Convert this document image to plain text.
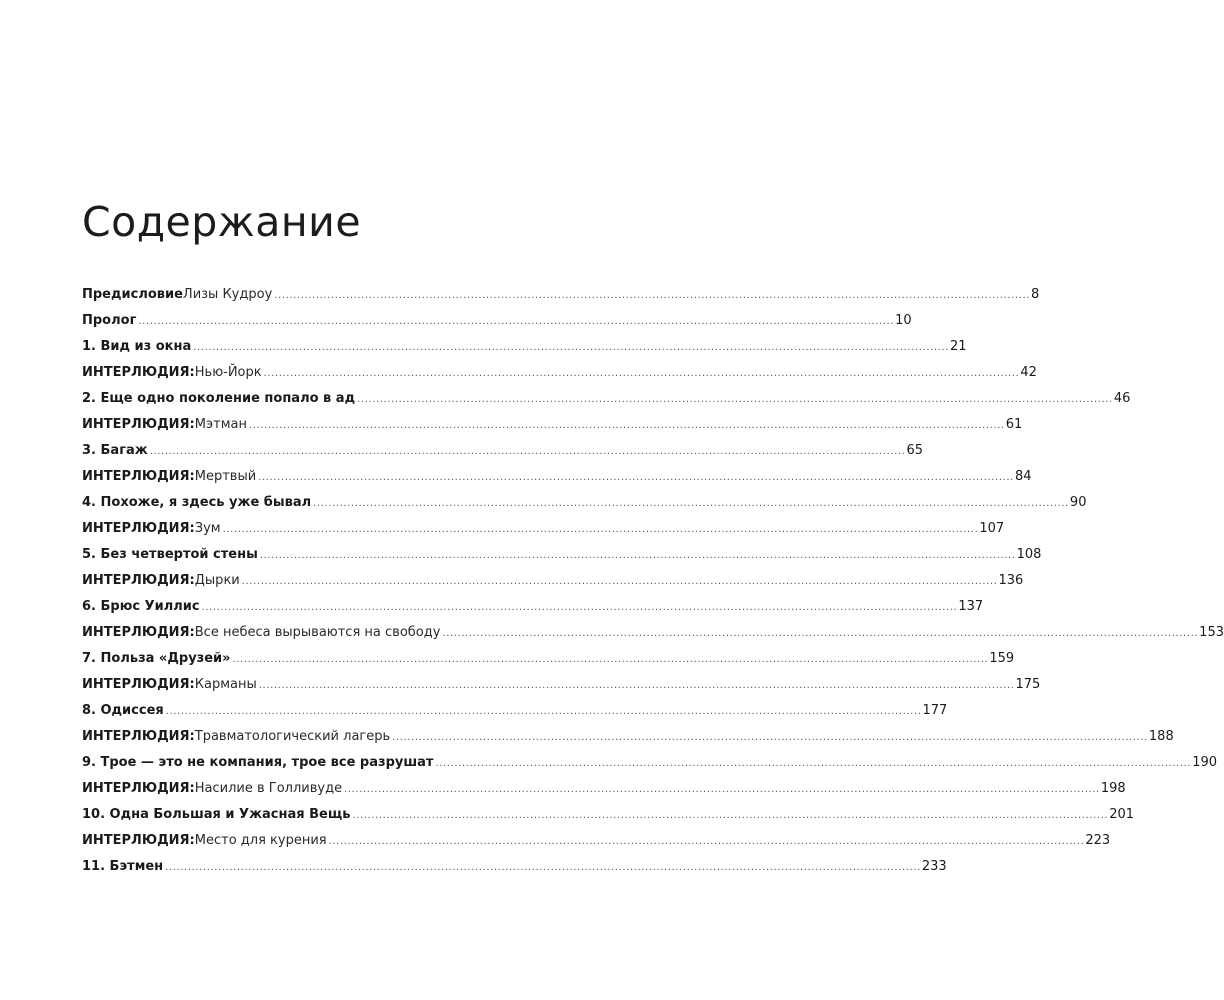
Содержание
Предисловие Лизы Кудроу ........................................................................................................................................................................................................ 8
Пролог ........................................................................................................................................................................................................ 10
1. Вид из окна ........................................................................................................................................................................................................ 21
ИНТЕРЛЮДИЯ: Нью-Йорк ........................................................................................................................................................................................................ 42
2. Еще одно поколение попало в ад ........................................................................................................................................................................................................ 46
ИНТЕРЛЮДИЯ: Мэтман ........................................................................................................................................................................................................ 61
3. Багаж ........................................................................................................................................................................................................ 65
ИНТЕРЛЮДИЯ: Мертвый ........................................................................................................................................................................................................ 84
4. Похоже, я здесь уже бывал ........................................................................................................................................................................................................ 90
ИНТЕРЛЮДИЯ: Зум ........................................................................................................................................................................................................ 107
5. Без четвертой стены ........................................................................................................................................................................................................ 108
ИНТЕРЛЮДИЯ: Дырки ........................................................................................................................................................................................................ 136
6. Брюс Уиллис ........................................................................................................................................................................................................ 137
ИНТЕРЛЮДИЯ: Все небеса вырываются на свободу ........................................................................................................................................................................................................ 153
7. Польза «Друзей» ........................................................................................................................................................................................................ 159
ИНТЕРЛЮДИЯ: Карманы ........................................................................................................................................................................................................ 175
8. Одиссея ........................................................................................................................................................................................................ 177
ИНТЕРЛЮДИЯ: Травматологический лагерь ........................................................................................................................................................................................................ 188
9. Трое — это не компания, трое все разрушат ........................................................................................................................................................................................................ 190
ИНТЕРЛЮДИЯ: Насилие в Голливуде ........................................................................................................................................................................................................ 198
10. Одна Большая и Ужасная Вещь ........................................................................................................................................................................................................ 201
ИНТЕРЛЮДИЯ: Место для курения ........................................................................................................................................................................................................ 223
11. Бэтмен ........................................................................................................................................................................................................ 233
